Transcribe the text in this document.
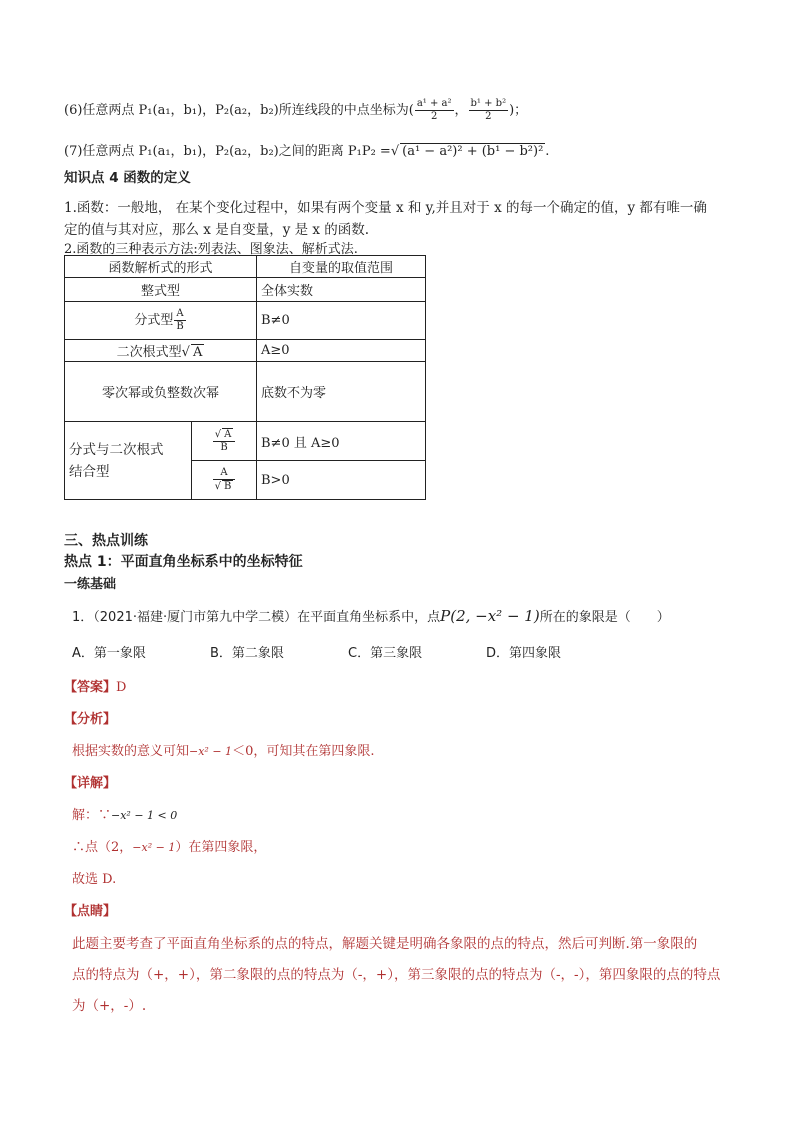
(6)任意两点 P₁(a₁，b₁)，P₂(a₂，b₂)所连线段的中点坐标为( $\frac{\text{a¹ + a²}}{2}$ ， $\frac{\text{b¹ + b²}}{2}$ )；
(7)任意两点 P₁(a₁，b₁)，P₂(a₂，b₂)之间的距离 P₁P₂ =√ (a¹ − a²)² + (b¹ − b²)² .
知识点 4 函数的定义
1.函数：一般地， 在某个变化过程中，如果有两个变量 x 和 y,并且对于 x 的每一个确定的值，y 都有唯一确
定的值与其对应，那么 x 是自变量，y 是 x 的函数.
2.函数的三种表示方法:列表法、图象法、解析式法.
函数解析式的形式		自变量的取值范围
整式型		全体实数
分式型 $\frac{A}{B}$		B≠0
二次根式型√ A		A≥0
零次幂或负整数次幂		底数不为零
分式与二次根式
结合型	$\frac{√ A}{B}$	B≠0 且 A≥0

	$\frac{A}{√ B}$	B>0
三、热点训练
热点 1：平面直角坐标系中的坐标特征
一练基础
1．（2021·福建·厦门市第九中学二模）在平面直角坐标系中，点P(2, −x² − 1)所在的象限是（　　）
A．第一象限	B．第二象限	C．第三象限	D．第四象限
【答案】D
【分析】
根据实数的意义可知−x² − 1＜0，可知其在第四象限.
【详解】
解：∵−x² − 1 < 0
∴点（2，−x² − 1）在第四象限，
故选 D.
【点睛】
此题主要考查了平面直角坐标系的点的特点，解题关键是明确各象限的点的特点，然后可判断.第一象限的
点的特点为（+，+），第二象限的点的特点为（-，+），第三象限的点的特点为（-，-），第四象限的点的特点
为（+，-）.
